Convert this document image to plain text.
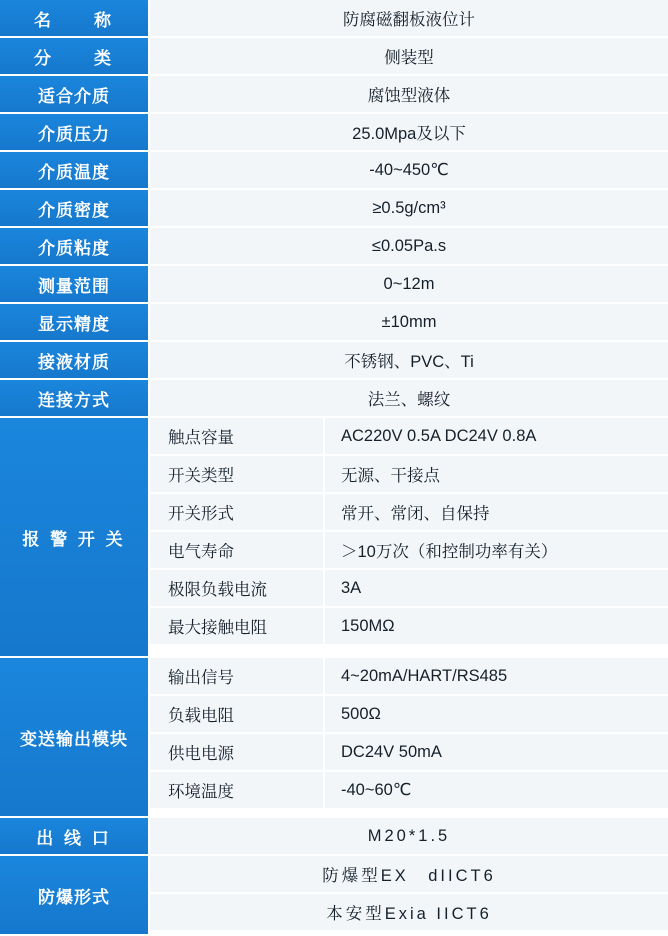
名　　称	防腐磁翻板液位计
分　　类	侧装型
适合介质	腐蚀型液体
介质压力	25.0Mpa及以下
介质温度	-40~450℃
介质密度	≥0.5g/cm³
介质粘度	≤0.05Pa.s
测量范围	0~12m
显示精度	±10mm
接液材质	不锈钢、PVC、Ti
连接方式	法兰、螺纹
报 警 开 关
触点容量	AC220V 0.5A DC24V 0.8A
开关类型	无源、干接点
开关形式	常开、常闭、自保持
电气寿命	＞10万次（和控制功率有关）
极限负载电流	3A
最大接触电阻	150MΩ
变送输出模块
输出信号	4~20mA/HART/RS485
负载电阻	500Ω
供电电源	DC24V 50mA
环境温度	-40~60℃
出 线 口	M20*1.5
防爆形式
防爆型EX　dIICT6
本安型Exia IICT6
